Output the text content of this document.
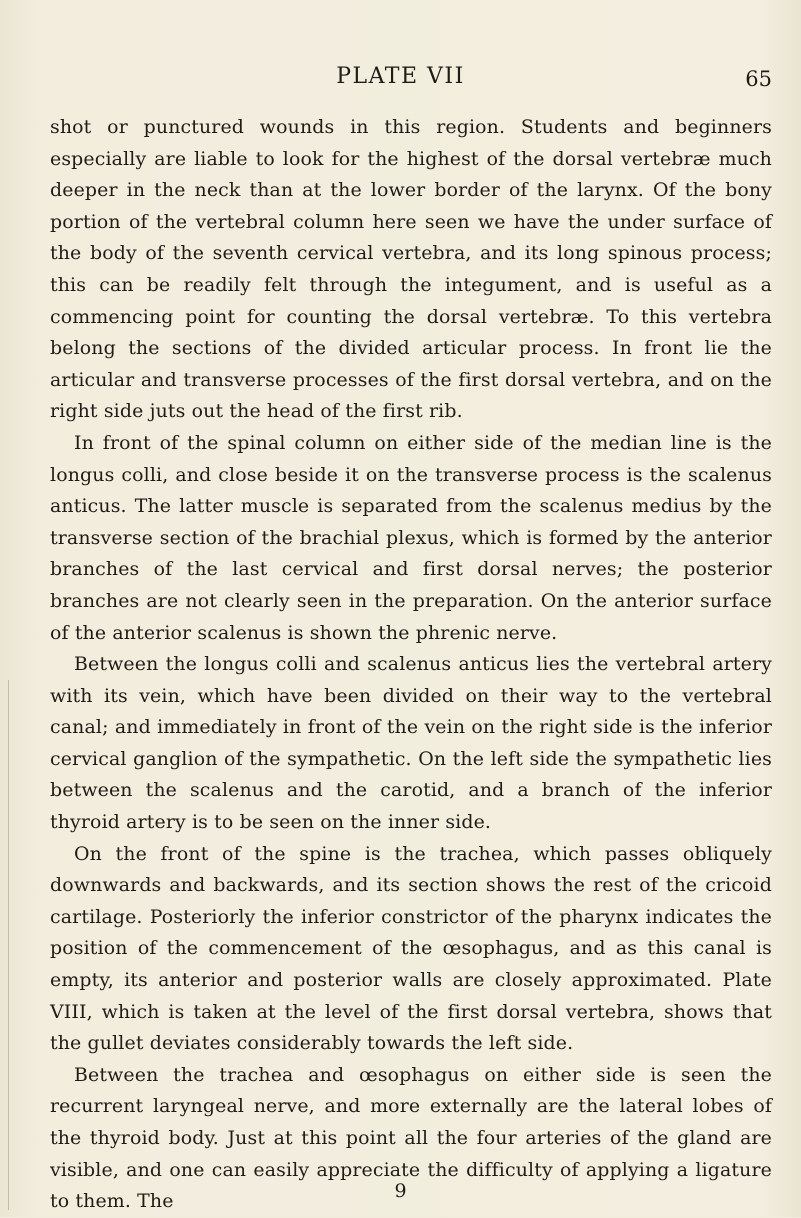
PLATE VII	65

shot or punctured wounds in this region. Students and beginners especially are liable to look for the highest of the dorsal vertebræ much deeper in the neck than at the lower border of the larynx. Of the bony portion of the vertebral column here seen we have the under surface of the body of the seventh cervical vertebra, and its long spinous process; this can be readily felt through the integument, and is useful as a commencing point for counting the dorsal vertebræ. To this vertebra belong the sections of the divided articular process. In front lie the articular and transverse processes of the first dorsal vertebra, and on the right side juts out the head of the first rib.

In front of the spinal column on either side of the median line is the longus colli, and close beside it on the transverse process is the scalenus anticus. The latter muscle is separated from the scalenus medius by the transverse section of the brachial plexus, which is formed by the anterior branches of the last cervical and first dorsal nerves; the posterior branches are not clearly seen in the preparation. On the anterior surface of the anterior scalenus is shown the phrenic nerve.

Between the longus colli and scalenus anticus lies the vertebral artery with its vein, which have been divided on their way to the vertebral canal; and immediately in front of the vein on the right side is the inferior cervical ganglion of the sympathetic. On the left side the sympathetic lies between the scalenus and the carotid, and a branch of the inferior thyroid artery is to be seen on the inner side.

On the front of the spine is the trachea, which passes obliquely downwards and backwards, and its section shows the rest of the cricoid cartilage. Posteriorly the inferior constrictor of the pharynx indicates the position of the commencement of the œsophagus, and as this canal is empty, its anterior and posterior walls are closely approximated. Plate VIII, which is taken at the level of the first dorsal vertebra, shows that the gullet deviates considerably towards the left side.

Between the trachea and œsophagus on either side is seen the recurrent laryngeal nerve, and more externally are the lateral lobes of the thyroid body. Just at this point all the four arteries of the gland are visible, and one can easily appreciate the difficulty of applying a ligature to them. The	9
